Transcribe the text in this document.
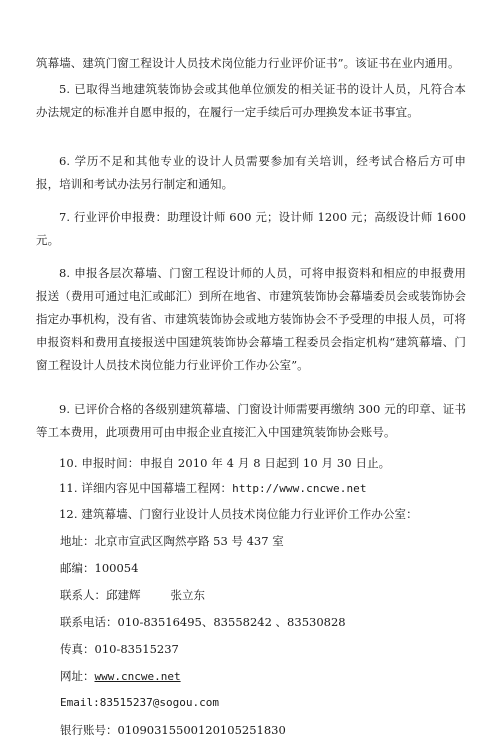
筑幕墙、建筑门窗工程设计人员技术岗位能力行业评价证书”。该证书在业内通用。

5. 已取得当地建筑装饰协会或其他单位颁发的相关证书的设计人员，凡符合本办法规定的标准并自愿申报的，在履行一定手续后可办理换发本证书事宜。

6. 学历不足和其他专业的设计人员需要参加有关培训，经考试合格后方可申报，培训和考试办法另行制定和通知。

7. 行业评价申报费：助理设计师 600 元；设计师 1200 元；高级设计师 1600 元。

8. 申报各层次幕墙、门窗工程设计师的人员，可将申报资料和相应的申报费用报送（费用可通过电汇或邮汇）到所在地省、市建筑装饰协会幕墙委员会或装饰协会指定办事机构，没有省、市建筑装饰协会或地方装饰协会不予受理的申报人员，可将申报资料和费用直接报送中国建筑装饰协会幕墙工程委员会指定机构“建筑幕墙、门窗工程设计人员技术岗位能力行业评价工作办公室”。

9. 已评价合格的各级别建筑幕墙、门窗设计师需要再缴纳 300 元的印章、证书等工本费用，此项费用可由申报企业直接汇入中国建筑装饰协会账号。

10. 申报时间：申报自 2010 年 4 月 8 日起到 10 月 30 日止。

11. 详细内容见中国幕墙工程网：http://www.cncwe.net

12. 建筑幕墙、门窗行业设计人员技术岗位能力行业评价工作办公室：

地址：北京市宣武区陶然亭路 53 号 437 室

邮编：100054

联系人：邱建辉	张立东

联系电话：010-83516495、83558242 、83530828

传真：010-83515237

网址：www.cncwe.net

Email:83515237@sogou.com

银行账号：0109031550012010525183​0
